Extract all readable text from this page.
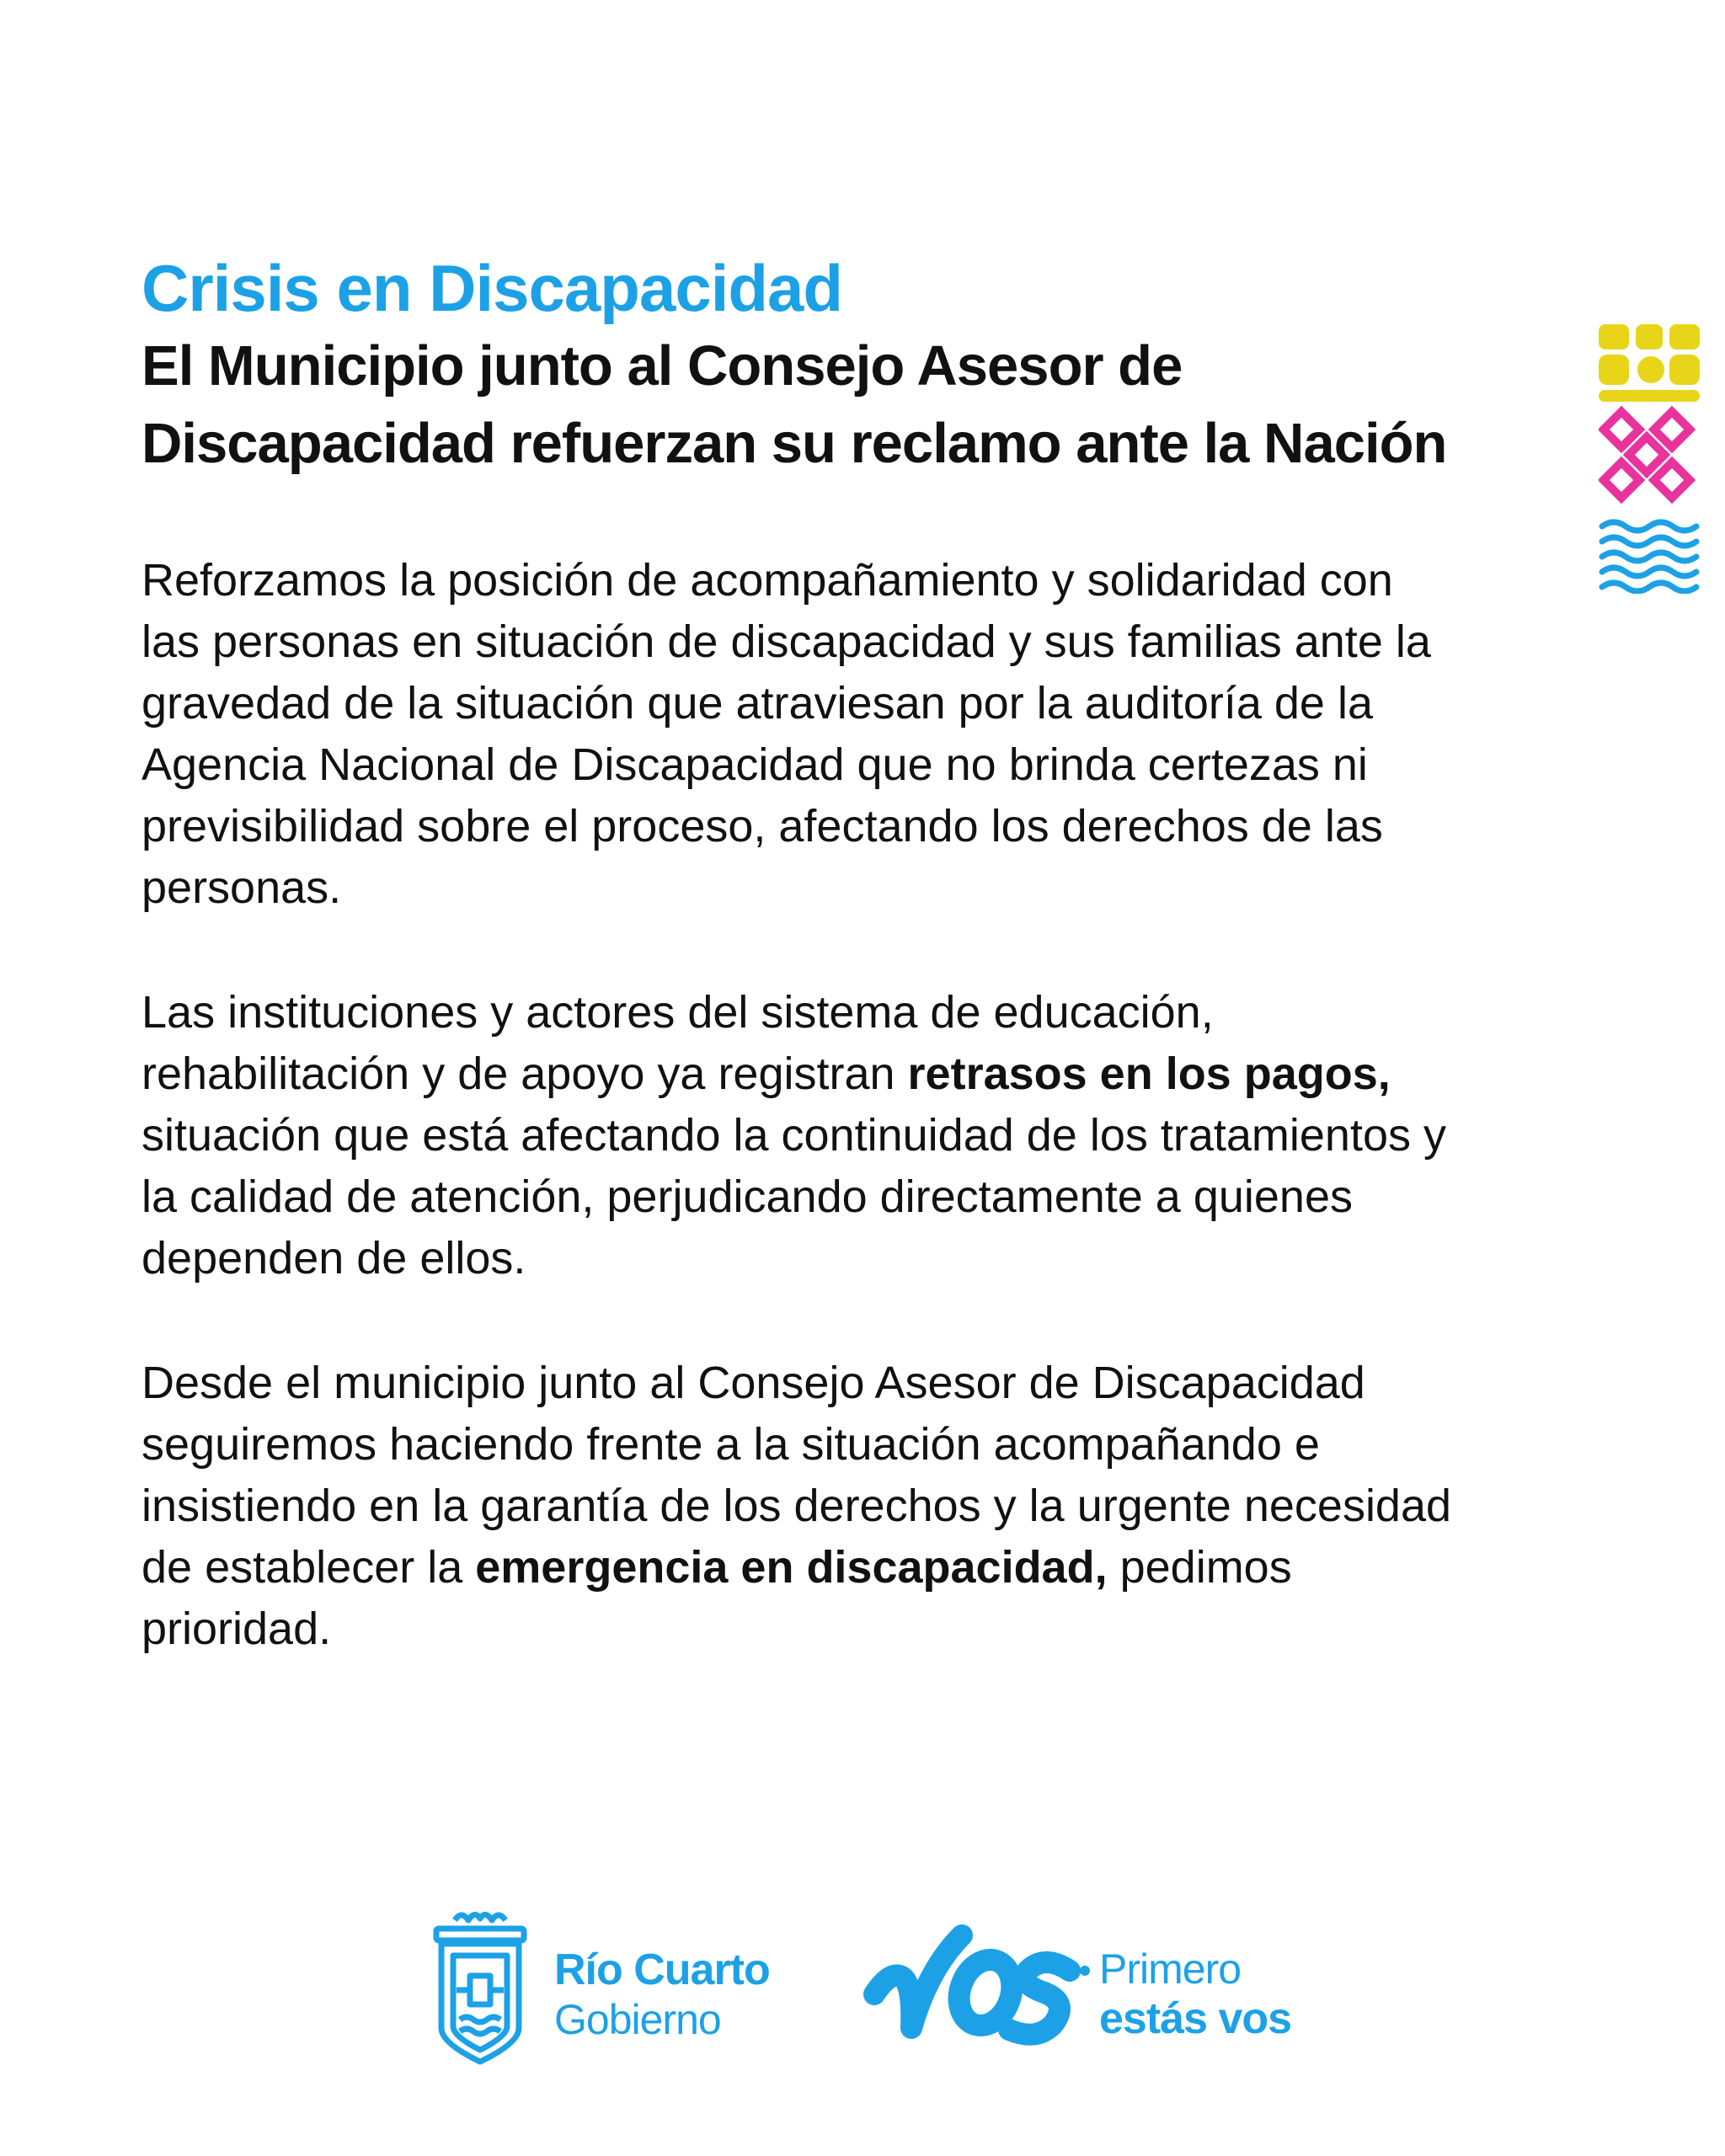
Crisis en Discapacidad
El Municipio junto al Consejo Asesor de Discapacidad refuerzan su reclamo ante la Nación

Reforzamos la posición de acompañamiento y solidaridad con las personas en situación de discapacidad y sus familias ante la gravedad de la situación que atraviesan por la auditoría de la Agencia Nacional de Discapacidad que no brinda certezas ni previsibilidad sobre el proceso, afectando los derechos de las personas.

Las instituciones y actores del sistema de educación, rehabilitación y de apoyo ya registran retrasos en los pagos, situación que está afectando la continuidad de los tratamientos y la calidad de atención, perjudicando directamente a quienes dependen de ellos.

Desde el municipio junto al Consejo Asesor de Discapacidad seguiremos haciendo frente a la situación acompañando e insistiendo en la garantía de los derechos y la urgente necesidad de establecer la emergencia en discapacidad, pedimos prioridad.

Río Cuarto
Gobierno
Primero
estás vos
